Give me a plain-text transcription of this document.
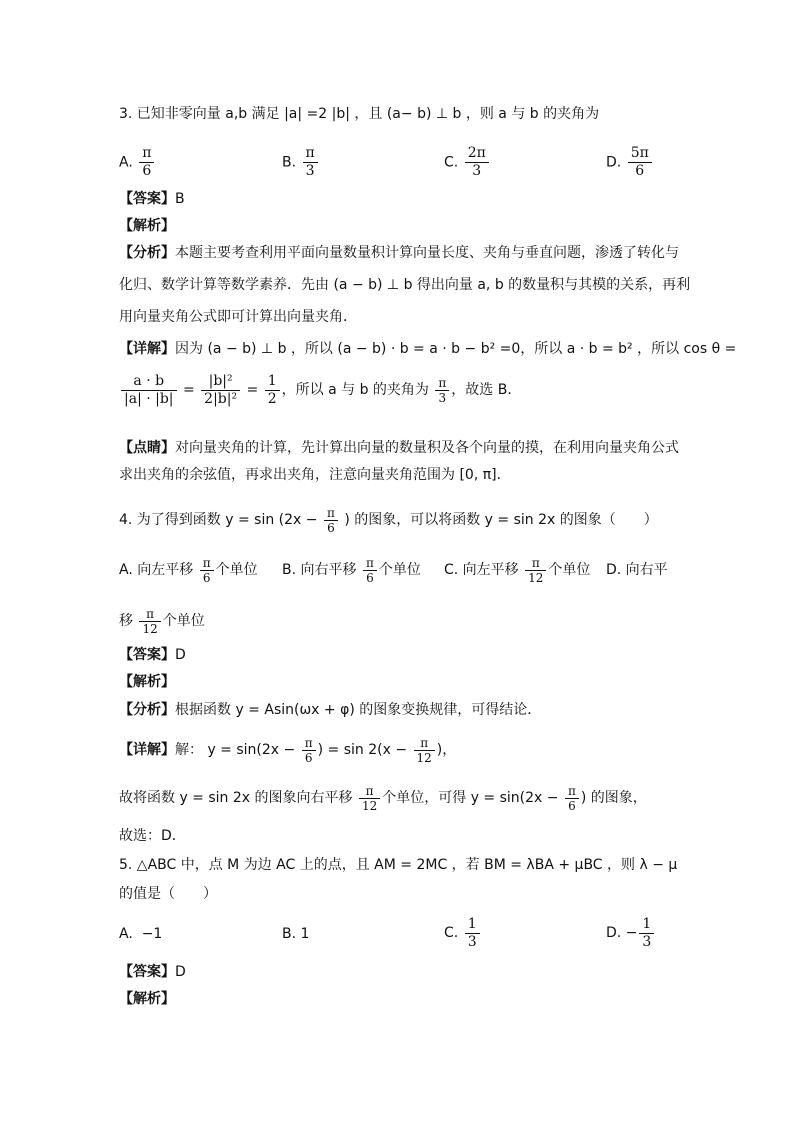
3. 已知非零向量 a,b 满足 |a| =2 |b| ，且 (a− b) ⊥ b ，则 a 与 b 的夹角为
A. $\frac{\pi}{6}$	B. $\frac{\pi}{3}$	C. $\frac{2\pi}{3}$	D. $\frac{5\pi}{6}$
【答案】B
【解析】
【分析】本题主要考查利用平面向量数量积计算向量长度、夹角与垂直问题，渗透了转化与
化归、数学计算等数学素养．先由 (a − b) ⊥ b 得出向量 a, b 的数量积与其模的关系，再利
用向量夹角公式即可计算出向量夹角．
【详解】因为 (a − b) ⊥ b ，所以 (a − b) · b = a · b − b² =0，所以 a · b = b² ，所以 cos θ =
$\frac{a \cdot b}{|a| \cdot |b|} = \frac{\text{|b|²}}{\text{2|b|²}} = \frac{1}{2}$ ，所以 a 与 b 的夹角为 $\frac{\pi}{3}$ ，故选 B．
【点睛】对向量夹角的计算，先计算出向量的数量积及各个向量的摸，在利用向量夹角公式
求出夹角的余弦值，再求出夹角，注意向量夹角范围为 [0, π]．
4. 为了得到函数 $y = \sin (2x - \frac{\pi}{6}$ ) 的图象，可以将函数 y = sin 2x 的图象（　　）
A. 向左平移 $\frac{\pi}{6}$ 个单位 B. 向右平移 $\frac{\pi}{6}$ 个单位 C. 向左平移 $\frac{\pi}{12}$ 个单位 D. 向右平
移 $\frac{\pi}{12}$ 个单位
【答案】D
【解析】
【分析】根据函数 y = Asin(ωx + φ) 的图象变换规律，可得结论．
【详解】解： $y = \sin(2x - \frac{\pi}{6}$ ) = $\sin 2(x - \frac{\pi}{12}$ )，
故将函数 y = sin 2x 的图象向右平移 $\frac{\pi}{12}$ 个单位，可得 $y = \sin(2x - \frac{\pi}{6}$ ) 的图象，
故选：D．
5. △ABC 中，点 M 为边 AC 上的点，且 AM = 2MC ，若 BM = λBA + μBC ，则 λ − μ
的值是（　　）
A. −1	B. 1	C. $\frac{1}{3}$	D. − $\frac{1}{3}$
【答案】D
【解析】
